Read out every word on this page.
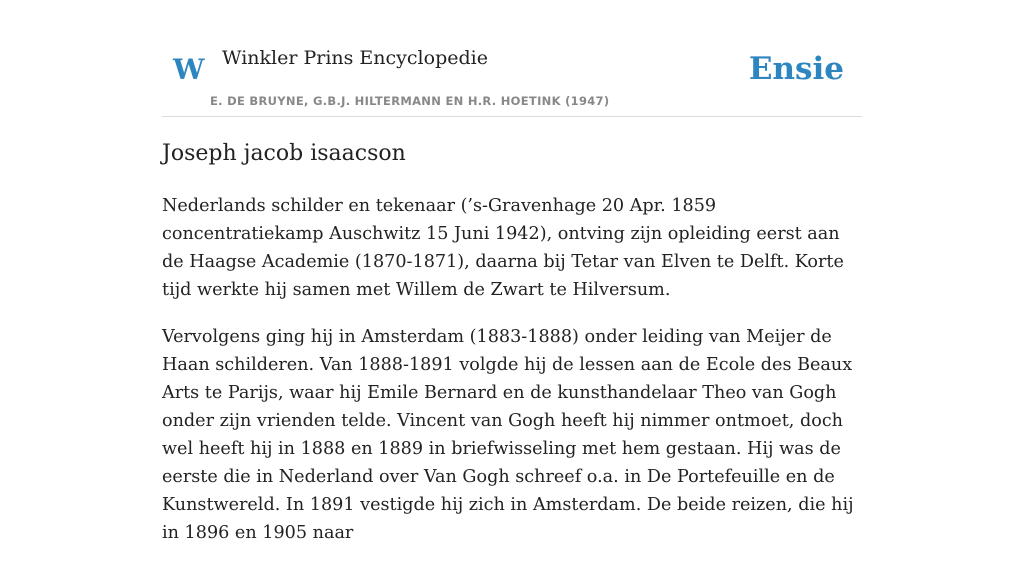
W Winkler Prins Encyclopedie
E. DE BRUYNE, G.B.J. HILTERMANN EN H.R. HOETINK (1947)
Ensie
Joseph jacob isaacson

Nederlands schilder en tekenaar (’s-Gravenhage 20 Apr. 1859 concentratiekamp Auschwitz 15 Juni 1942), ontving zijn opleiding eerst aan de Haagse Academie (1870-1871), daarna bij Tetar van Elven te Delft. Korte tijd werkte hij samen met Willem de Zwart te Hilversum.

Vervolgens ging hij in Amsterdam (1883-1888) onder leiding van Meijer de Haan schilderen. Van 1888-1891 volgde hij de lessen aan de Ecole des Beaux Arts te Parijs, waar hij Emile Bernard en de kunsthandelaar Theo van Gogh onder zijn vrienden telde. Vincent van Gogh heeft hij nimmer ontmoet, doch wel heeft hij in 1888 en 1889 in briefwisseling met hem gestaan. Hij was de eerste die in Nederland over Van Gogh schreef o.a. in De Portefeuille en de Kunstwereld. In 1891 vestigde hij zich in Amsterdam. De beide reizen, die hij in 1896 en 1905 naar
